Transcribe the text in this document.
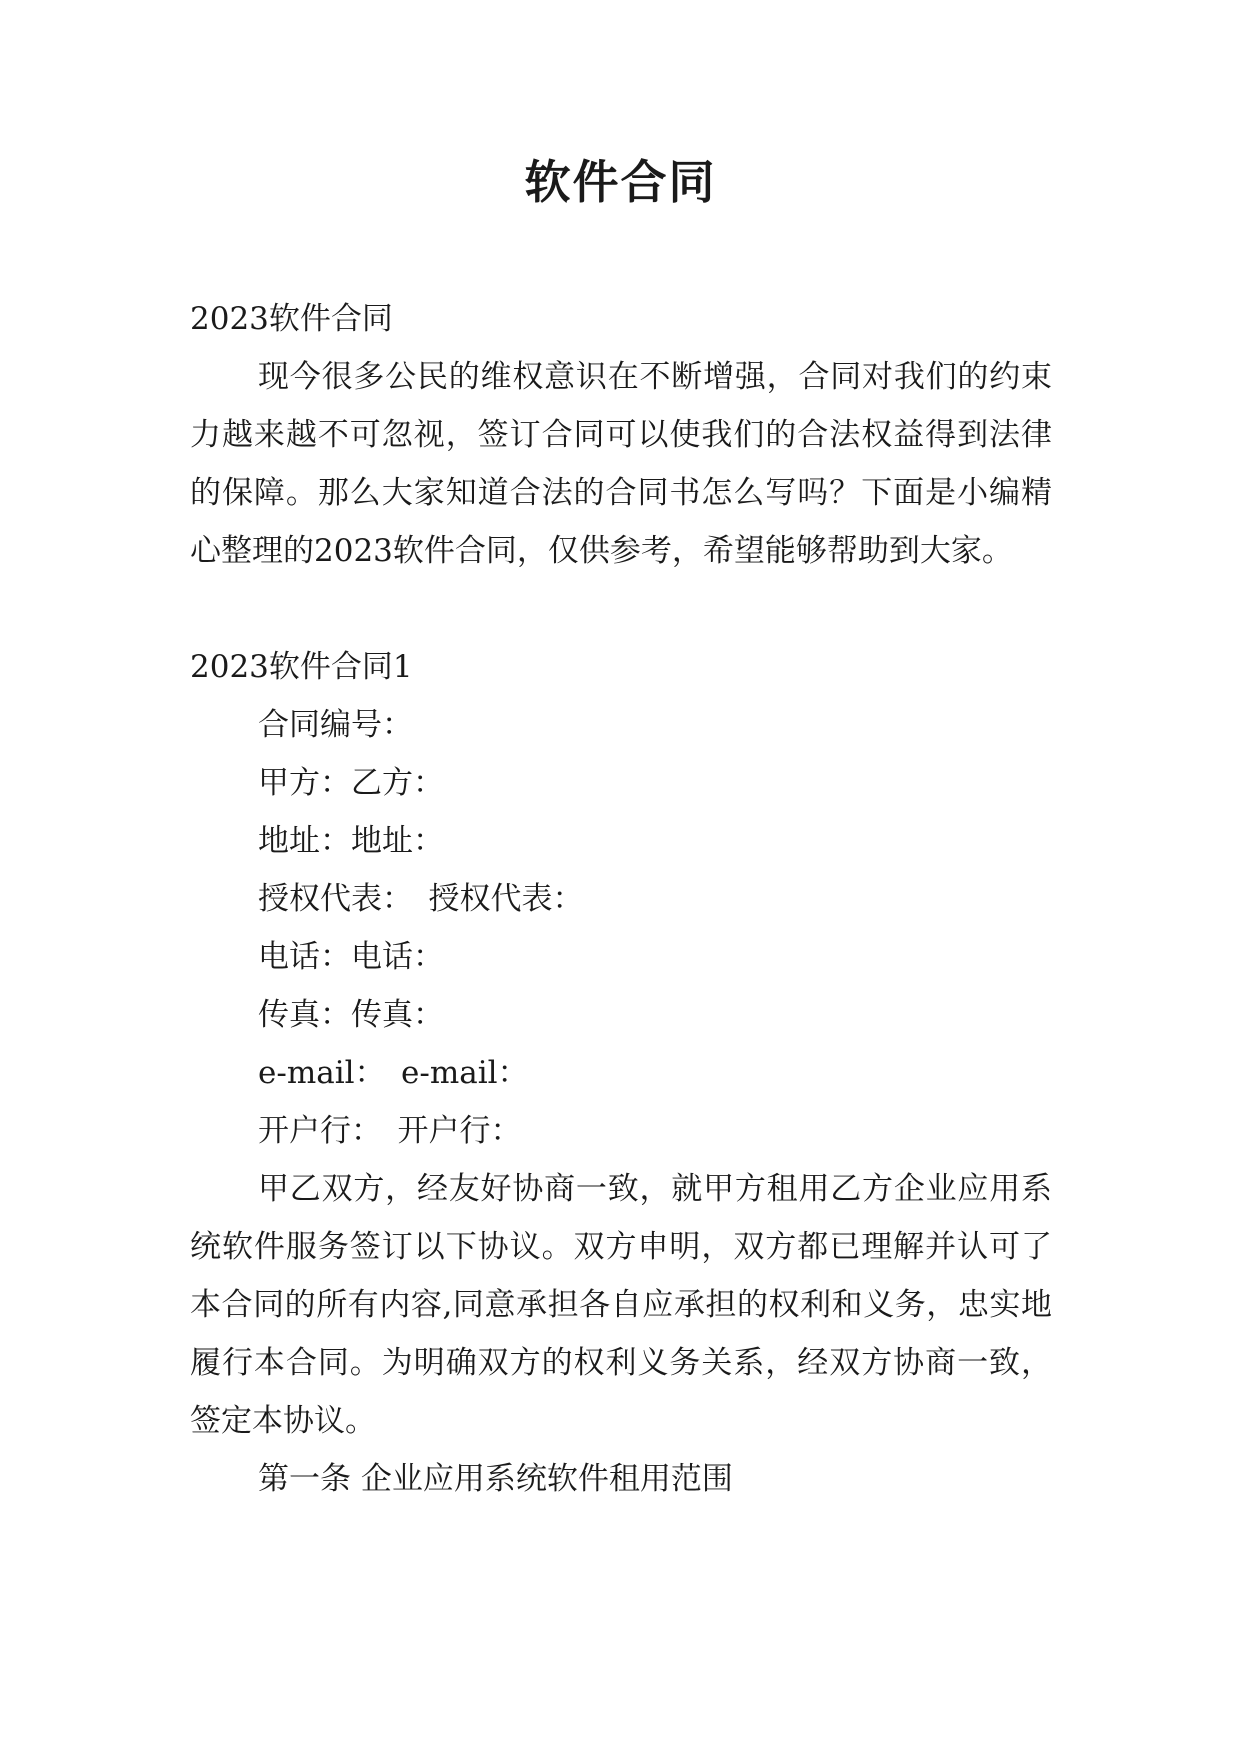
软件合同

2023软件合同

现今很多公民的维权意识在不断增强，合同对我们的约束力越来越不可忽视，签订合同可以使我们的合法权益得到法律的保障。那么大家知道合法的合同书怎么写吗？下面是小编精心整理的2023软件合同，仅供参考，希望能够帮助到大家。

2023软件合同1

合同编号：

甲方：乙方：

地址：地址：

授权代表：　授权代表：

电话：电话：

传真：传真：

e-mail：　e-mail：

开户行：　开户行：

甲乙双方，经友好协商一致，就甲方租用乙方企业应用系统软件服务签订以下协议。双方申明，双方都已理解并认可了本合同的所有内容,同意承担各自应承担的权利和义务，忠实地履行本合同。为明确双方的权利义务关系，经双方协商一致，签定本协议。

第一条 企业应用系统软件租用范围
